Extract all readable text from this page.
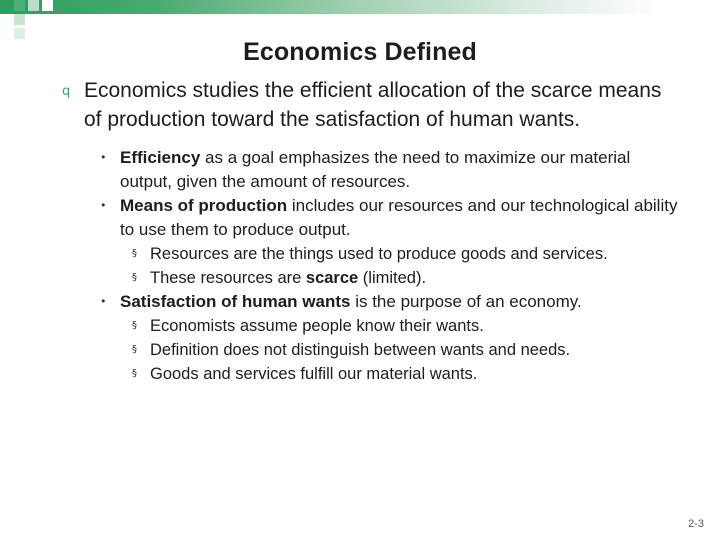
Economics Defined
q Economics studies the efficient allocation of the scarce means of production toward the satisfaction of human wants.
• Efficiency as a goal emphasizes the need to maximize our material output, given the amount of resources.
• Means of production includes our resources and our technological ability to use them to produce output.
§ Resources are the things used to produce goods and services.
§ These resources are scarce (limited).
• Satisfaction of human wants is the purpose of an economy.
§ Economists assume people know their wants.
§ Definition does not distinguish between wants and needs.
§ Goods and services fulfill our material wants.
2-3
